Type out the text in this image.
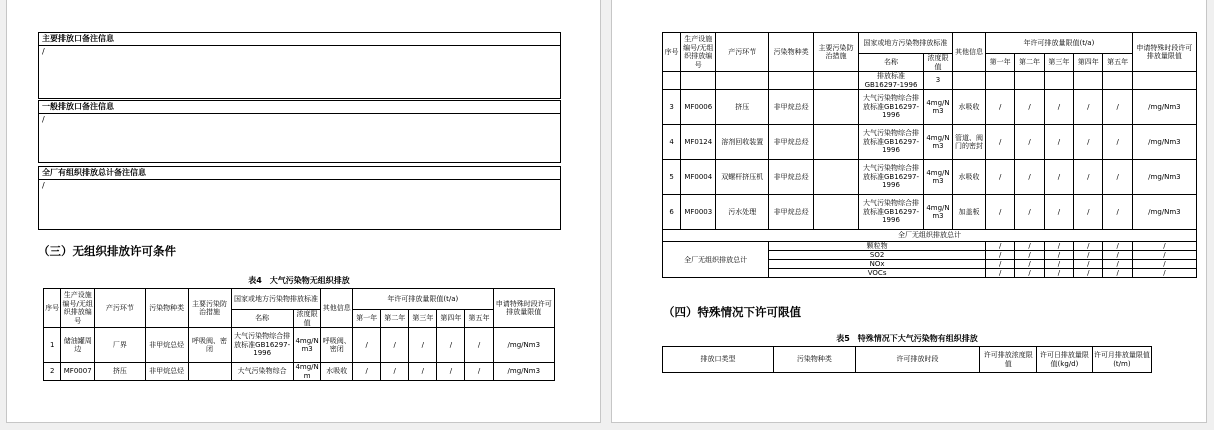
主要排放口备注信息
/
一般排放口备注信息
/
全厂有组织排放总计备注信息
/
（三）无组织排放许可条件
表4　大气污染物无组织排放
序号	生产设施编号/无组织排放编号	产污环节	污染物种类	主要污染防治措施	国家或地方污染物排放标准		其他信息	年许可排放量限值(t/a)					申请特殊时段许可排放量限值
					名称	浓度限值		第一年	第二年	第三年	第四年	第五年	
1	储油罐周边	厂界	非甲烷总烃	呼吸阀、密闭	大气污染物综合排放标准GB16297-1996	4mg/Nm3	呼吸阀、密闭	/	/	/	/	/	/mg/Nm3
2	MF0007	挤压	非甲烷总烃		大气污染物综合	4mg/Nm	水吸收	/	/	/	/	/	/mg/Nm3
序号	生产设施编号/无组织排放编号	产污环节	污染物种类	主要污染防治措施	国家或地方污染物排放标准		其他信息	年许可排放量限值(t/a)					申请特殊时段许可排放量限值
					名称	浓度限值		第一年	第二年	第三年	第四年	第五年	
					排放标准GB16297-1996	3							
3	MF0006	挤压	非甲烷总烃		大气污染物综合排放标准GB16297-1996	4mg/Nm3	水吸收	/	/	/	/	/	/mg/Nm3
4	MF0124	溶剂回收装置	非甲烷总烃		大气污染物综合排放标准GB16297-1996	4mg/Nm3	管道、阀门的密封	/	/	/	/	/	/mg/Nm3
5	MF0004	双螺杆挤压机	非甲烷总烃		大气污染物综合排放标准GB16297-1996	4mg/Nm3	水吸收	/	/	/	/	/	/mg/Nm3
6	MF0003	污水处理	非甲烷总烃		大气污染物综合排放标准GB16297-1996	4mg/Nm3	加盖板	/	/	/	/	/	/mg/Nm3
全厂无组织排放总计													
全厂无组织排放总计			颗粒物					/	/	/	/	/	/
			SO2					/	/	/	/	/	/
			NOx					/	/	/	/	/	/
			VOCs					/	/	/	/	/	/
（四）特殊情况下许可限值
表5　特殊情况下大气污染物有组织排放
排放口类型	污染物种类	许可排放时段	许可排放浓度限值	许可日排放量限值(kg/d)	许可月排放量限值(t/m)
